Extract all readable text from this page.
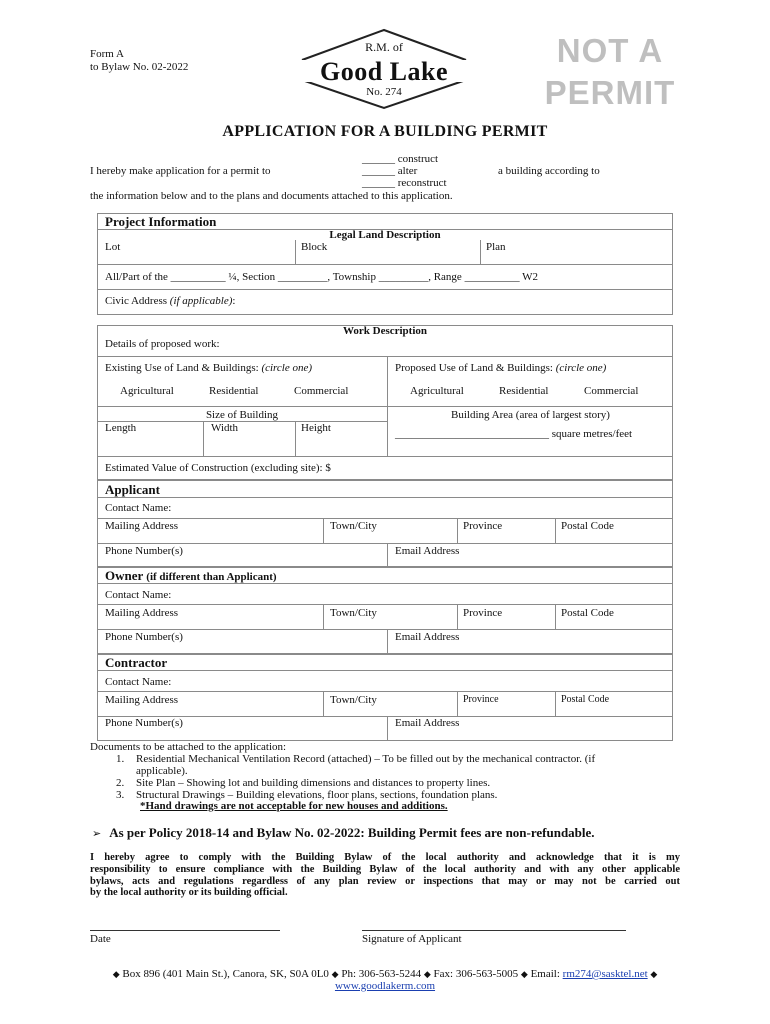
Form A
to Bylaw No. 02-2022
R.M. of
Good Lake
No. 274
NOT A
PERMIT
APPLICATION FOR A BUILDING PERMIT
I hereby make application for a permit to
______ construct
______ alter
______ reconstruct
a building according to
the information below and to the plans and documents attached to this application.
Project Information
Legal Land Description
Lot	Block	Plan
All/Part of the __________ ¼, Section _________, Township _________, Range __________ W2
Civic Address (if applicable):
Work Description
Details of proposed work:
Existing Use of Land & Buildings: (circle one)	Proposed Use of Land & Buildings: (circle one)
Agricultural	Residential	Commercial	Agricultural	Residential	Commercial
Size of Building	Building Area (area of largest story)
Length	Width	Height	____________________________ square metres/feet
Estimated Value of Construction (excluding site): $
Applicant
Contact Name:
Mailing Address	Town/City	Province	Postal Code
Phone Number(s)	Email Address
Owner (if different than Applicant)
Contact Name:
Mailing Address	Town/City	Province	Postal Code
Phone Number(s)	Email Address
Contractor
Contact Name:
Mailing Address	Town/City	Province	Postal Code
Phone Number(s)	Email Address
Documents to be attached to the application:
1. Residential Mechanical Ventilation Record (attached) – To be filled out by the mechanical contractor. (if
applicable).
2. Site Plan – Showing lot and building dimensions and distances to property lines.
3. Structural Drawings – Building elevations, floor plans, sections, foundation plans.
*Hand drawings are not acceptable for new houses and additions.
➢ As per Policy 2018-14 and Bylaw No. 02-2022: Building Permit fees are non-refundable.
I hereby agree to comply with the Building Bylaw of the local authority and acknowledge that it is my
responsibility to ensure compliance with the Building Bylaw of the local authority and with any other applicable
bylaws, acts and regulations regardless of any plan review or inspections that may or may not be carried out
by the local authority or its building official.
Date	Signature of Applicant
◆ Box 896 (401 Main St.), Canora, SK, S0A 0L0 ◆ Ph: 306-563-5244 ◆ Fax: 306-563-5005 ◆ Email: rm274@sasktel.net ◆
www.goodlakerm.com
